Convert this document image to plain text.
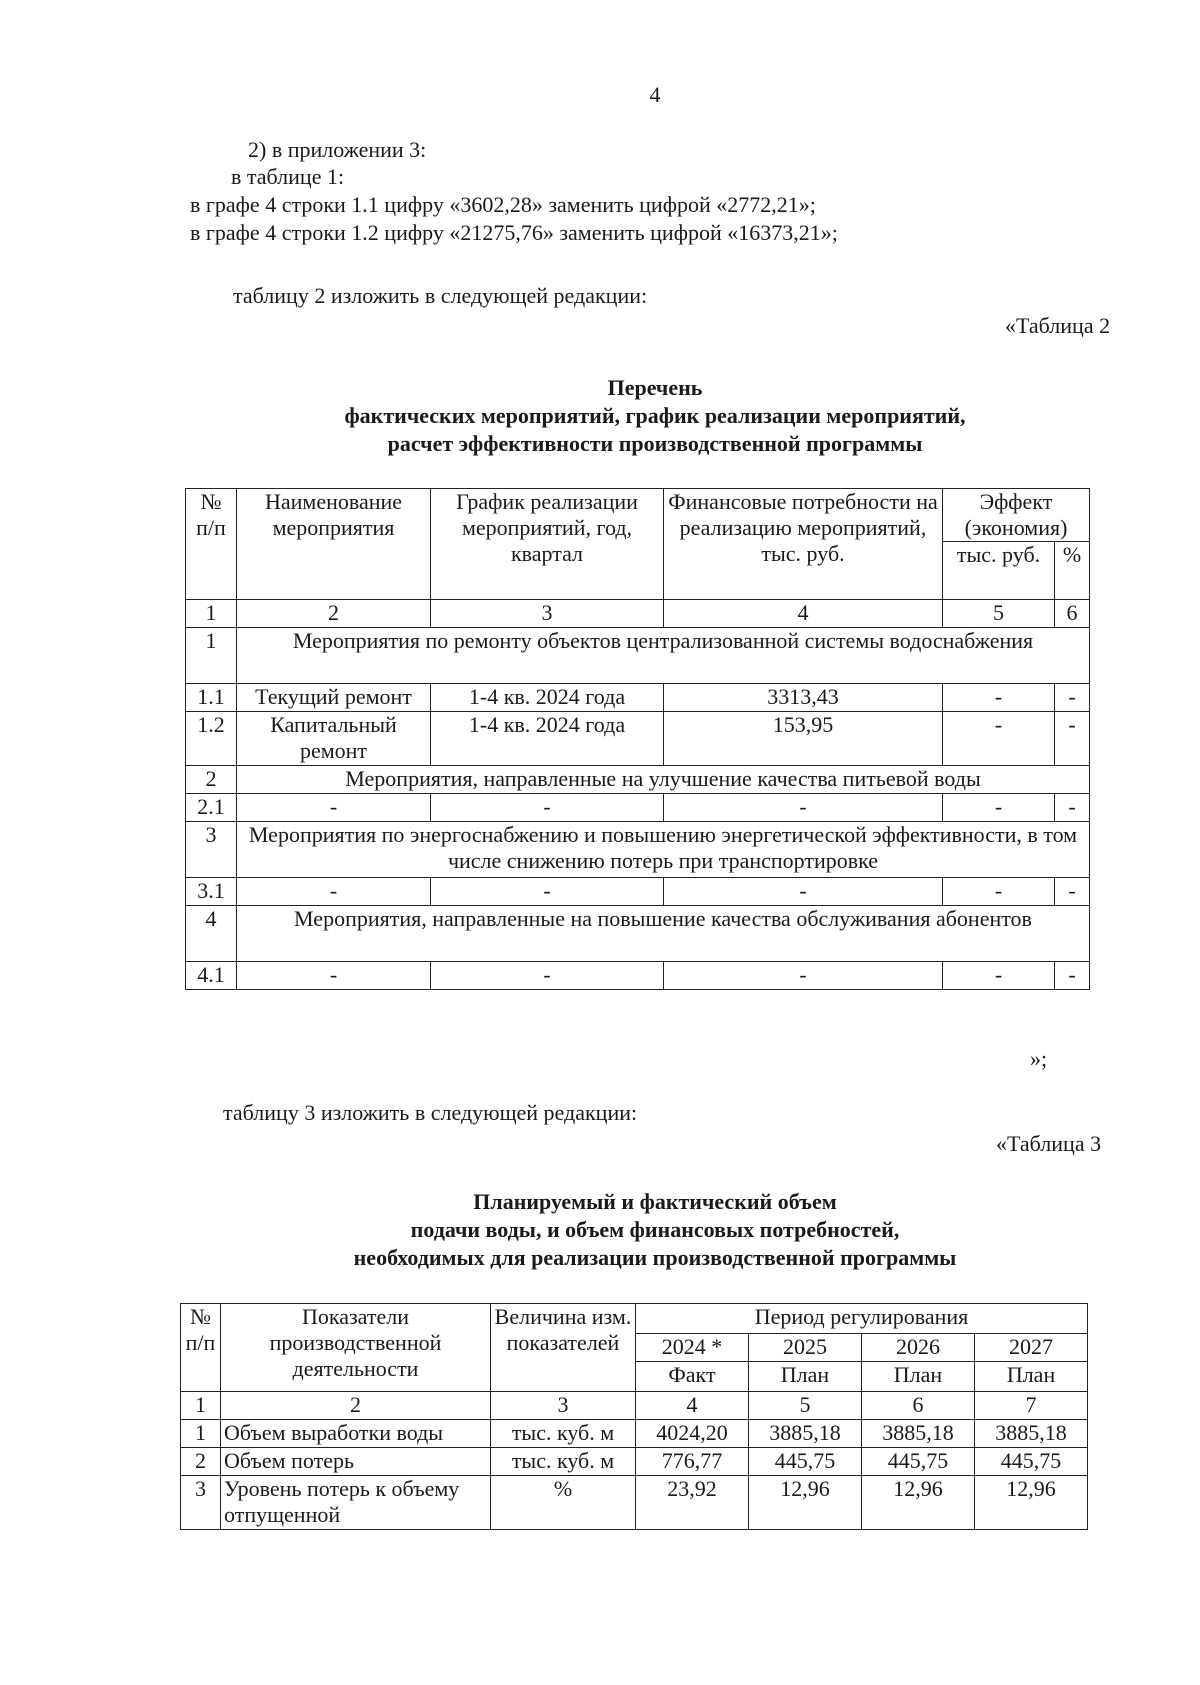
4
2) в приложении 3:
в таблице 1:
в графе 4 строки 1.1 цифру «3602,28» заменить цифрой «2772,21»;
в графе 4 строки 1.2 цифру «21275,76» заменить цифрой «16373,21»;
таблицу 2 изложить в следующей редакции:
«Таблица 2
Перечень
фактических мероприятий, график реализации мероприятий,
расчет эффективности производственной программы
№ п/п	Наименование мероприятия	График реализации мероприятий, год, квартал	Финансовые потребности на реализацию мероприятий, тыс. руб.	Эффект (экономия)	
				тыс. руб.	%
1	2	3	4	5	6
1	Мероприятия по ремонту объектов централизованной системы водоснабжения				
1.1	Текущий ремонт	1-4 кв. 2024 года	3313,43	-	-
1.2	Капитальный ремонт	1-4 кв. 2024 года	153,95	-	-
2	Мероприятия, направленные на улучшение качества питьевой воды				
2.1	-	-	-	-	-
3	Мероприятия по энергоснабжению и повышению энергетической эффективности, в том числе снижению потерь при транспортировке				
3.1	-	-	-	-	-
4	Мероприятия, направленные на повышение качества обслуживания абонентов				
4.1	-	-	-	-	-
»;
таблицу 3 изложить в следующей редакции:
«Таблица 3
Планируемый и фактический объем
подачи воды, и объем финансовых потребностей,
необходимых для реализации производственной программы
№ п/п	Показатели производственной деятельности	Величина изм. показателей	Период регулирования			
			2024 *	2025	2026	2027
			Факт	План	План	План
1	2	3	4	5	6	7
1	Объем выработки воды	тыс. куб. м	4024,20	3885,18	3885,18	3885,18
2	Объем потерь	тыс. куб. м	776,77	445,75	445,75	445,75
3	Уровень потерь к объему отпущенной	%	23,92	12,96	12,96	12,96
